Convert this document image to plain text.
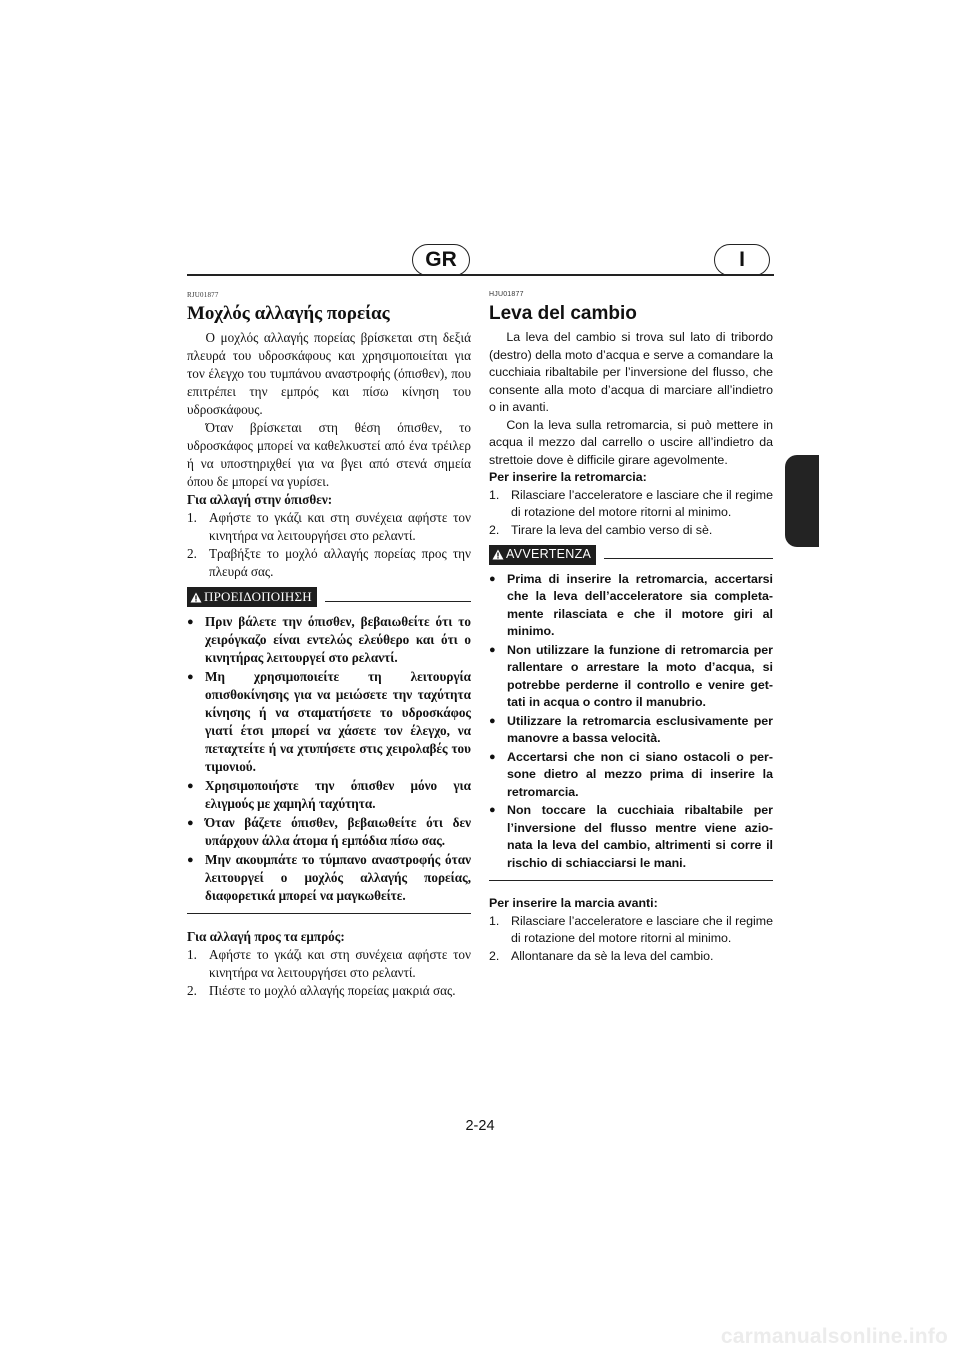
GR	I
RJU01877
Μοχλός αλλαγής πορείας

Ο μοχλός αλλαγής πορείας βρίσκεται στη δεξιά πλευρά του υδροσκάφους και χρησιμοποιείται για τον έλεγχο του τυμπάνου αναστροφής (όπισθεν), που επιτρέπει την εμπρός και πίσω κίνηση του υδροσκάφους.

Όταν βρίσκεται στη θέση όπισθεν, το υδροσκάφος μπορεί να καθελκυστεί από ένα τρέιλερ ή να υποστηριχθεί για να βγει από στενά σημεία όπου δε μπορεί να γυρίσει.

Για αλλαγή στην όπισθεν:
1. Αφήστε το γκάζι και στη συνέχεια αφήστε τον κινητήρα να λειτουργήσει στο ρελαντί.
2. Τραβήξτε το μοχλό αλλαγής πορείας προς την πλευρά σας.
ΠΡΟΕΙΔΟΠΟΙΗΣΗ
● Πριν βάλετε την όπισθεν, βεβαιωθείτε ότι το χειρόγκαζο είναι εντελώς ελεύθερο και ότι ο κινητήρας λειτουργεί στο ρελαντί.
● Μη χρησιμοποιείτε τη λειτουργία οπισθοκίνησης για να μειώσετε την ταχύτητα κίνησης ή να σταματήσετε το υδροσκάφος γιατί έτσι μπορεί να χάσετε τον έλεγχο, να πεταχτείτε ή να χτυπήσετε στις χειρολαβές του τιμονιού.
● Χρησιμοποιήστε την όπισθεν μόνο για ελιγμούς με χαμηλή ταχύτητα.
● Όταν βάζετε όπισθεν, βεβαιωθείτε ότι δεν υπάρχουν άλλα άτομα ή εμπόδια πίσω σας.
● Μην ακουμπάτε το τύμπανο αναστροφής όταν λειτουργεί ο μοχλός αλλαγής πορείας, διαφορετικά μπορεί να μαγκωθείτε.
Για αλλαγή προς τα εμπρός:
1. Αφήστε το γκάζι και στη συνέχεια αφήστε τον κινητήρα να λειτουργήσει στο ρελαντί.
2. Πιέστε το μοχλό αλλαγής πορείας μακριά σας.
HJU01877
Leva del cambio

La leva del cambio si trova sul lato di tribordo (destro) della moto d’acqua e serve a comandare la cucchiaia ribaltabile per l’inversione del flusso, che consente alla moto d’acqua di marciare all’indietro o in avanti.

Con la leva sulla retromarcia, si può mettere in acqua il mezzo dal carrello o uscire all’indietro da strettoie dove è difficile girare agevolmente.

Per inserire la retromarcia:
1. Rilasciare l’acceleratore e lasciare che il regime di rotazione del motore ritorni al minimo.
2. Tirare la leva del cambio verso di sè.
AVVERTENZA
● Prima di inserire la retromarcia, accertarsi che la leva dell’acceleratore sia completa-mente rilasciata e che il motore giri al minimo.
● Non utilizzare la funzione di retromarcia per rallentare o arrestare la moto d’acqua, si potrebbe perderne il controllo e venire get-tati in acqua o contro il manubrio.
● Utilizzare la retromarcia esclusivamente per manovre a bassa velocità.
● Accertarsi che non ci siano ostacoli o per-sone dietro al mezzo prima di inserire la retromarcia.
● Non toccare la cucchiaia ribaltabile per l’inversione del flusso mentre viene azio-nata la leva del cambio, altrimenti si corre il rischio di schiacciarsi le mani.
Per inserire la marcia avanti:
1. Rilasciare l’acceleratore e lasciare che il regime di rotazione del motore ritorni al minimo.
2. Allontanare da sè la leva del cambio.
2-24
carmanualsonline.info
